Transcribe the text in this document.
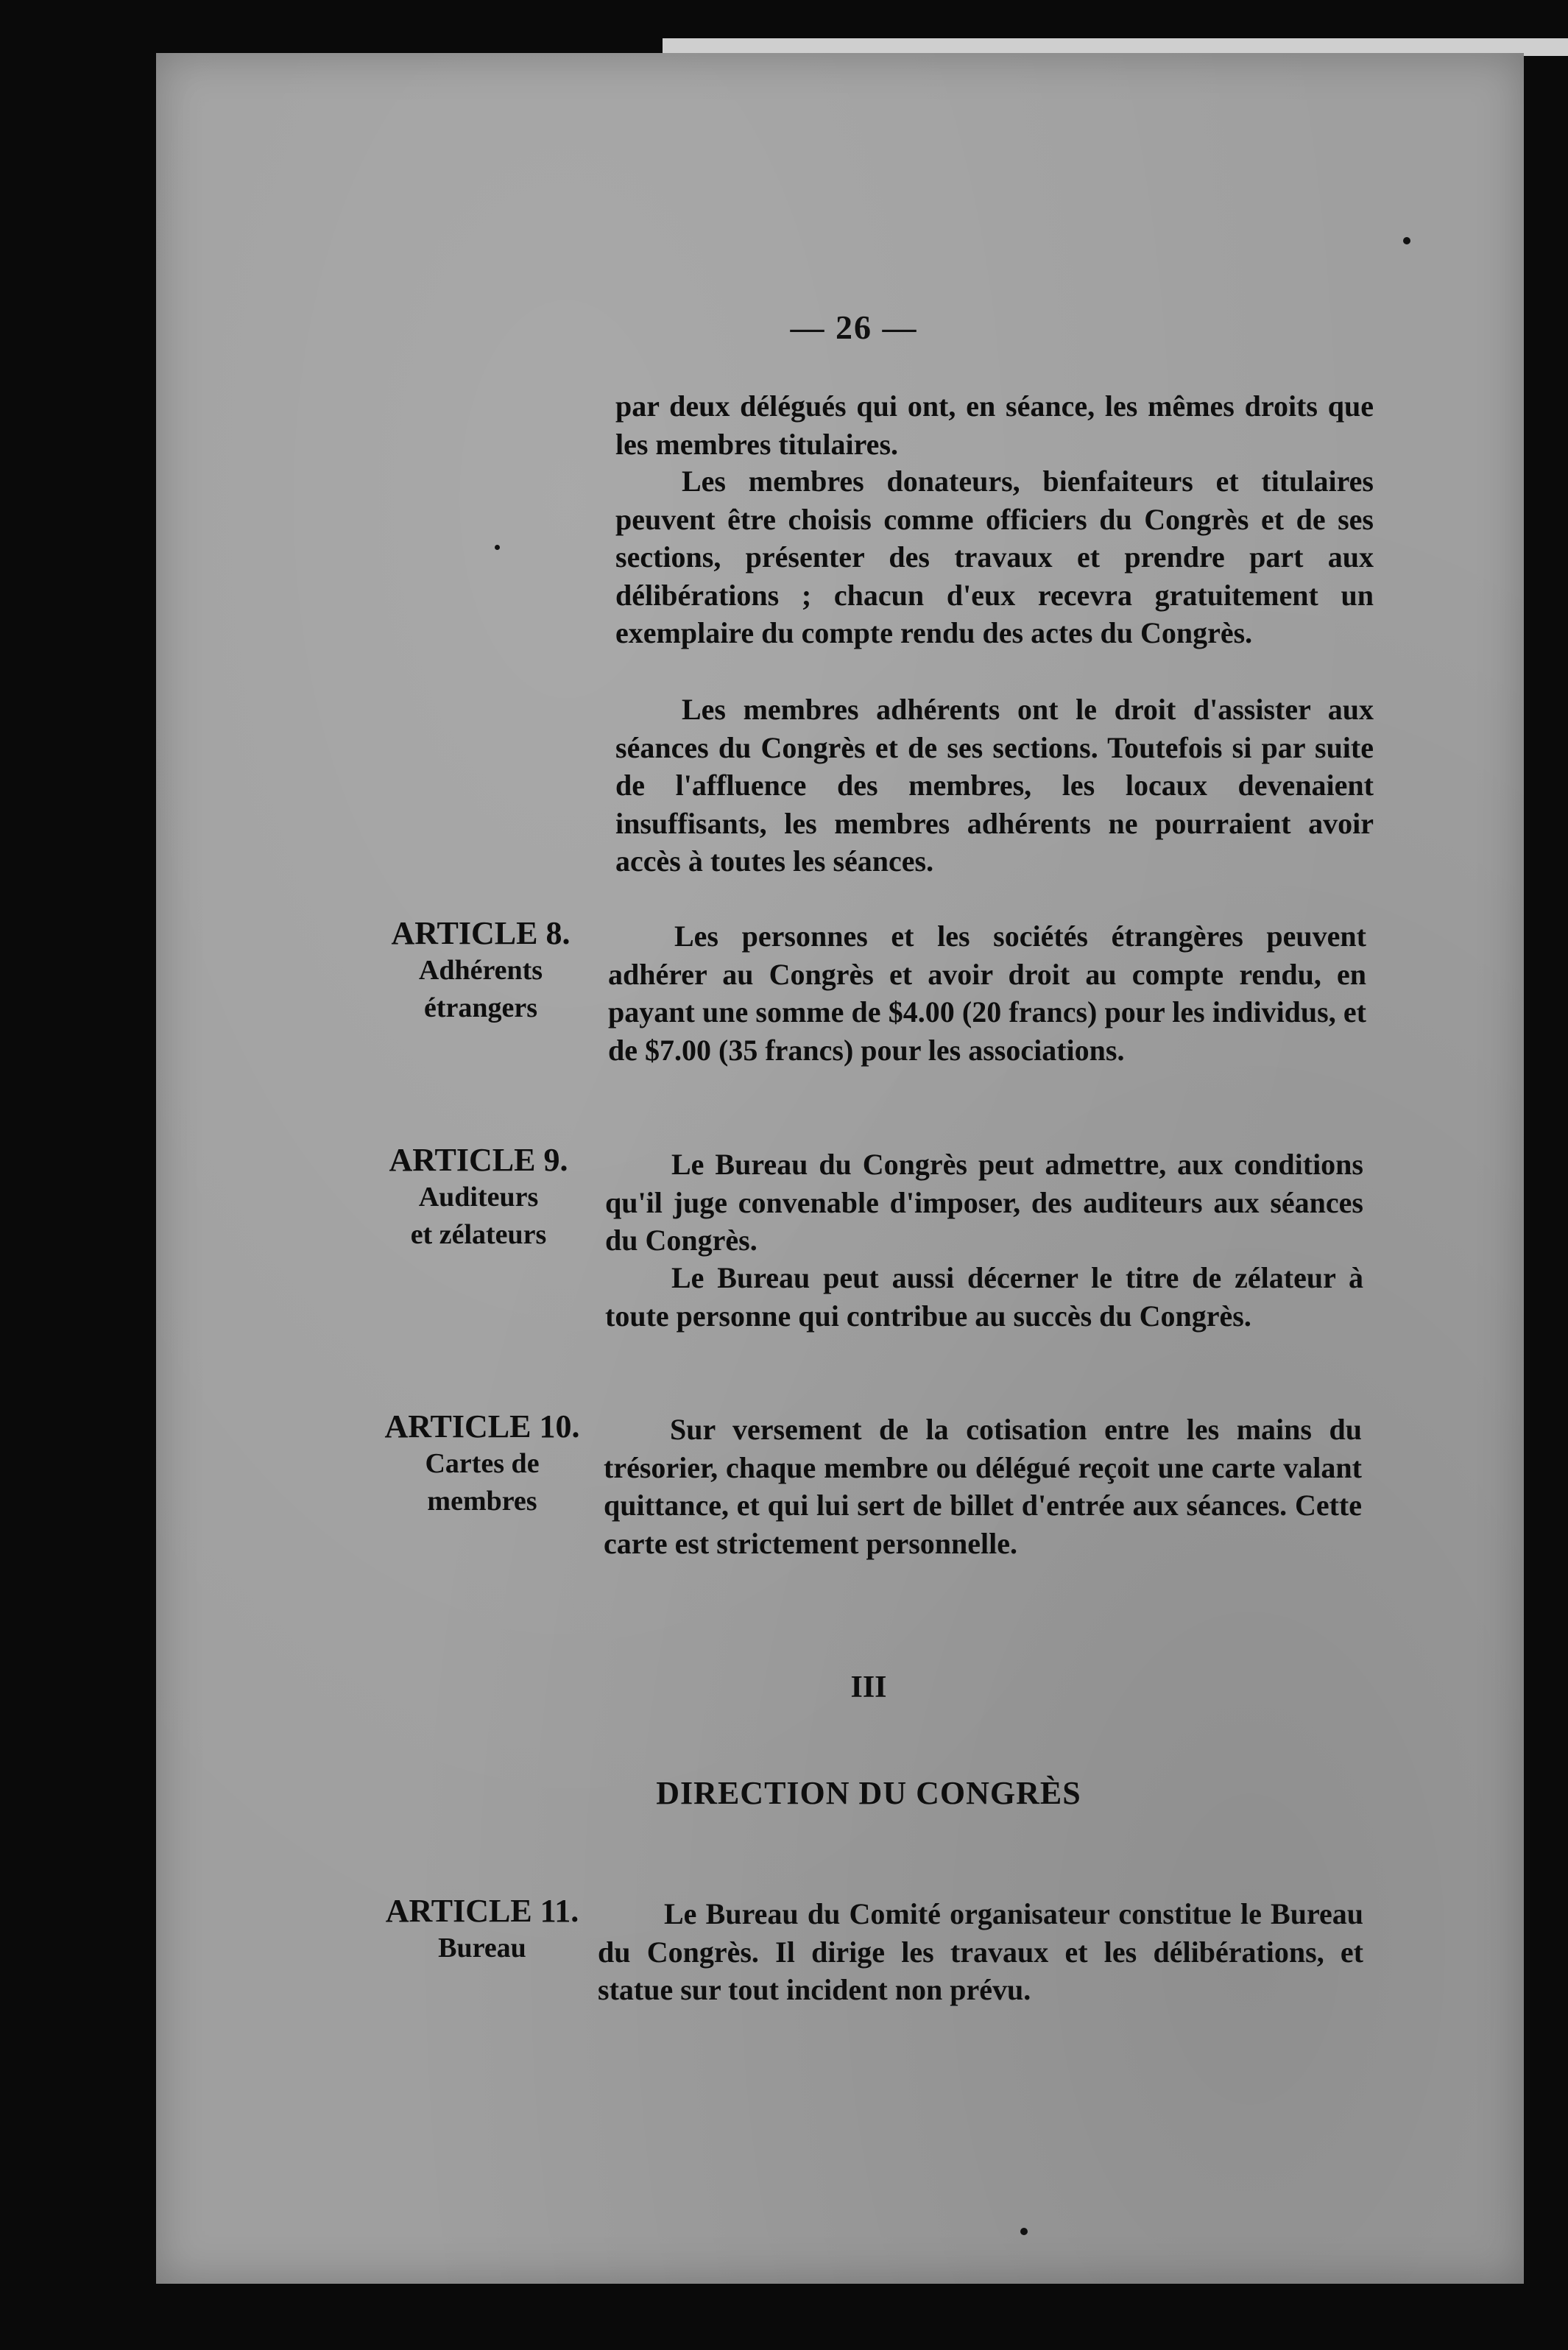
— 26 —

par deux délégués qui ont, en séance, les mêmes droits que les membres titulaires.

Les membres donateurs, bienfaiteurs et titulaires peuvent être choisis comme officiers du Congrès et de ses sections, présenter des travaux et prendre part aux délibérations ; chacun d'eux recevra gratuitement un exemplaire du compte rendu des actes du Congrès.

Les membres adhérents ont le droit d'assister aux séances du Congrès et de ses sections. Toutefois si par suite de l'affluence des membres, les locaux devenaient insuffisants, les membres adhérents ne pourraient avoir accès à toutes les séances.

ARTICLE 8.
Adhérents
étrangers

Les personnes et les sociétés étrangères peuvent adhérer au Congrès et avoir droit au compte rendu, en payant une somme de $4.00 (20 francs) pour les individus, et de $7.00 (35 francs) pour les associations.

ARTICLE 9.
Auditeurs
et zélateurs

Le Bureau du Congrès peut admettre, aux conditions qu'il juge convenable d'imposer, des auditeurs aux séances du Congrès.

Le Bureau peut aussi décerner le titre de zélateur à toute personne qui contribue au succès du Congrès.

ARTICLE 10.
Cartes de
membres

Sur versement de la cotisation entre les mains du trésorier, chaque membre ou délégué reçoit une carte valant quittance, et qui lui sert de billet d'entrée aux séances. Cette carte est strictement personnelle.

III

DIRECTION DU CONGRÈS

ARTICLE 11.
Bureau

Le Bureau du Comité organisateur constitue le Bureau du Congrès. Il dirige les travaux et les délibérations, et statue sur tout incident non prévu.
